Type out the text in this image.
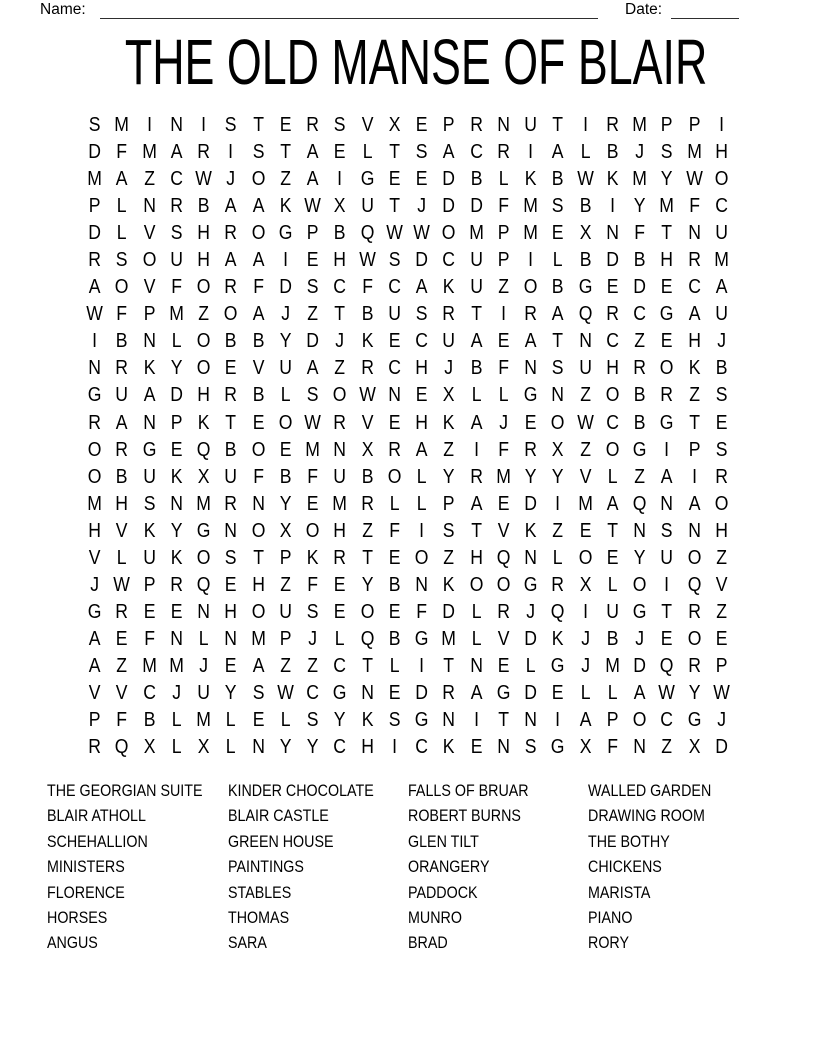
Name:	Date:
THE OLD MANSE OF BLAIR
S M I N I S T E R S V X E P R N U T I R M P P I
D F M A R I S T A E L T S A C R I A L B J S M H
M A Z C W J O Z A I G E E D B L K B W K M Y W O
P L N R B A A K W X U T J D D F M S B I Y M F C
D L V S H R O G P B Q W W O M P M E X N F T N U
R S O U H A A I E H W S D C U P I L B D B H R M
A O V F O R F D S C F C A K U Z O B G E D E C A
W F P M Z O A J Z T B U S R T I R A Q R C G A U
I B N L O B B Y D J K E C U A E A T N C Z E H J
N R K Y O E V U A Z R C H J B F N S U H R O K B
G U A D H R B L S O W N E X L L G N Z O B R Z S
R A N P K T E O W R V E H K A J E O W C B G T E
O R G E Q B O E M N X R A Z I F R X Z O G I P S
O B U K X U F B F U B O L Y R M Y Y V L Z A I R
M H S N M R N Y E M R L L P A E D I M A Q N A O
H V K Y G N O X O H Z F I S T V K Z E T N S N H
V L U K O S T P K R T E O Z H Q N L O E Y U O Z
J W P R Q E H Z F E Y B N K O O G R X L O I Q V
G R E E N H O U S E O E F D L R J Q I U G T R Z
A E F N L N M P J L Q B G M L V D K J B J E O E
A Z M M J E A Z Z C T L I T N E L G J M D Q R P
V V C J U Y S W C G N E D R A G D E L L A W Y W
P F B L M L E L S Y K S G N I T N I A P O C G J
R Q X L X L N Y Y C H I C K E N S G X F N Z X D
THE GEORGIAN SUITE
BLAIR ATHOLL
SCHEHALLION
MINISTERS
FLORENCE
HORSES
ANGUS
KINDER CHOCOLATE
BLAIR CASTLE
GREEN HOUSE
PAINTINGS
STABLES
THOMAS
SARA
FALLS OF BRUAR
ROBERT BURNS
GLEN TILT
ORANGERY
PADDOCK
MUNRO
BRAD
WALLED GARDEN
DRAWING ROOM
THE BOTHY
CHICKENS
MARISTA
PIANO
RORY
